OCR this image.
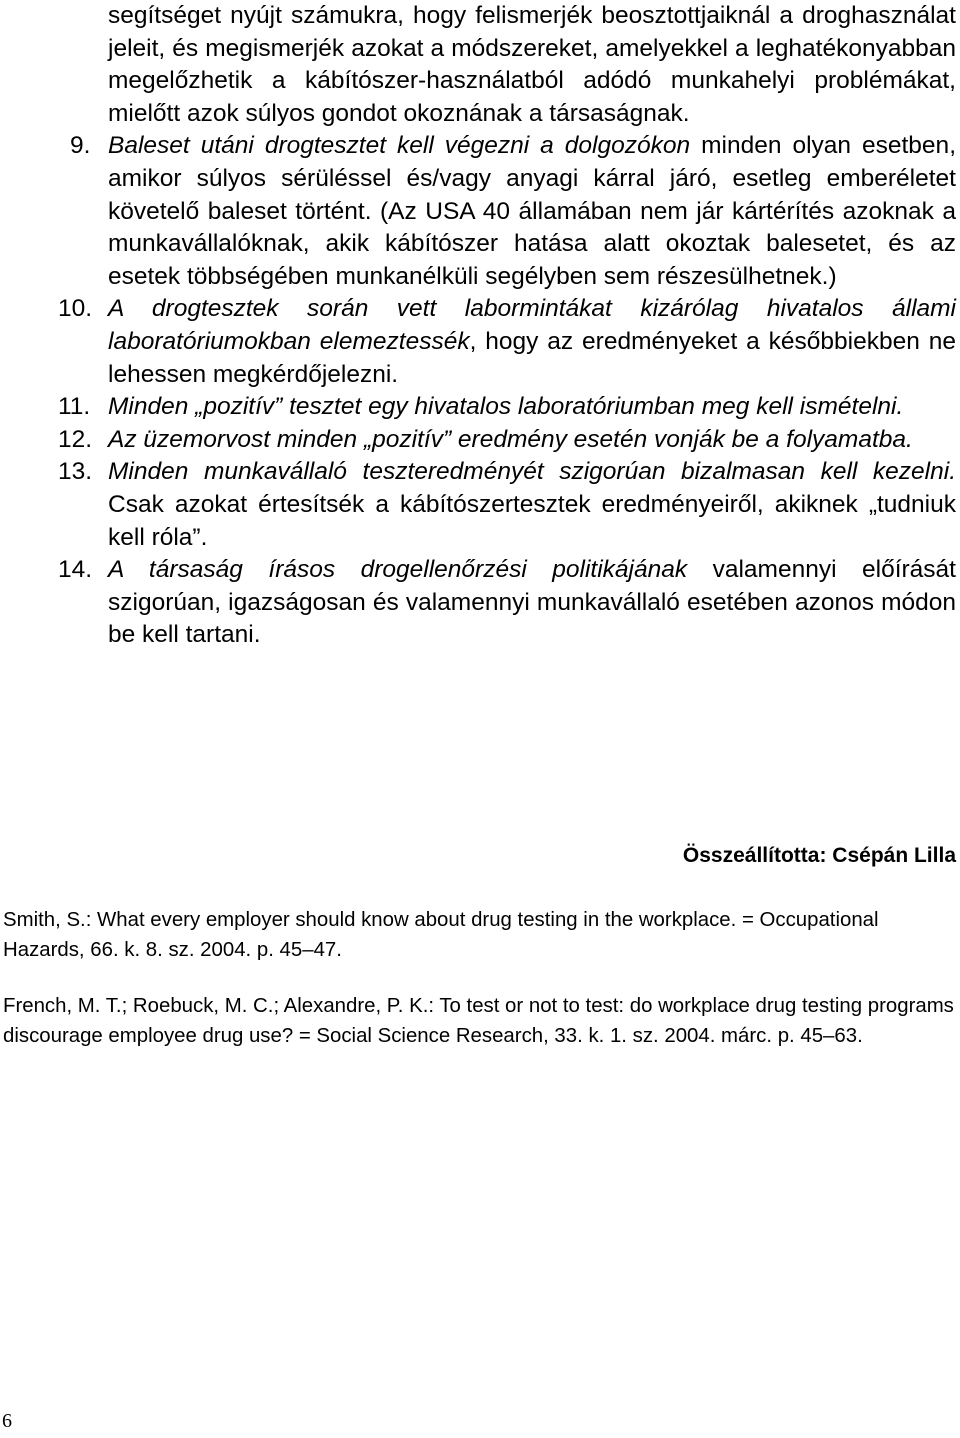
segítséget nyújt számukra, hogy felismerjék beosztottjaiknál a droghasználat jeleit, és megismerjék azokat a módszereket, amelyekkel a leghatékonyabban megelőzhetik a kábítószer-használatból adódó munkahelyi problémákat, mielőtt azok súlyos gondot okoznának a társaságnak.

9. Baleset utáni drogtesztet kell végezni a dolgozókon minden olyan esetben, amikor súlyos sérüléssel és/vagy anyagi kárral járó, esetleg emberéletet követelő baleset történt. (Az USA 40 államában nem jár kártérítés azoknak a munkavállalóknak, akik kábítószer hatása alatt okoztak balesetet, és az esetek többségében munkanélküli segélyben sem részesülhetnek.)

10. A drogtesztek során vett labormintákat kizárólag hivatalos állami laboratóriumokban elemeztessék, hogy az eredményeket a későbbiekben ne lehessen megkérdőjelezni.

11. Minden „pozitív” tesztet egy hivatalos laboratóriumban meg kell ismételni.

12. Az üzemorvost minden „pozitív” eredmény esetén vonják be a folyamatba.

13. Minden munkavállaló teszteredményét szigorúan bizalmasan kell kezelni. Csak azokat értesítsék a kábítószertesztek eredményeiről, akiknek „tudniuk kell róla”.

14. A társaság írásos drogellenőrzési politikájának valamennyi előírását szigorúan, igazságosan és valamennyi munkavállaló esetében azonos módon be kell tartani.

Összeállította: Csépán Lilla
Smith, S.: What every employer should know about drug testing in the workplace. = Occupational Hazards, 66. k. 8. sz. 2004. p. 45–47.
French, M. T.; Roebuck, M. C.; Alexandre, P. K.: To test or not to test: do workplace drug testing programs discourage employee drug use? = Social Science Research, 33. k. 1. sz. 2004. márc. p. 45–63.
6
